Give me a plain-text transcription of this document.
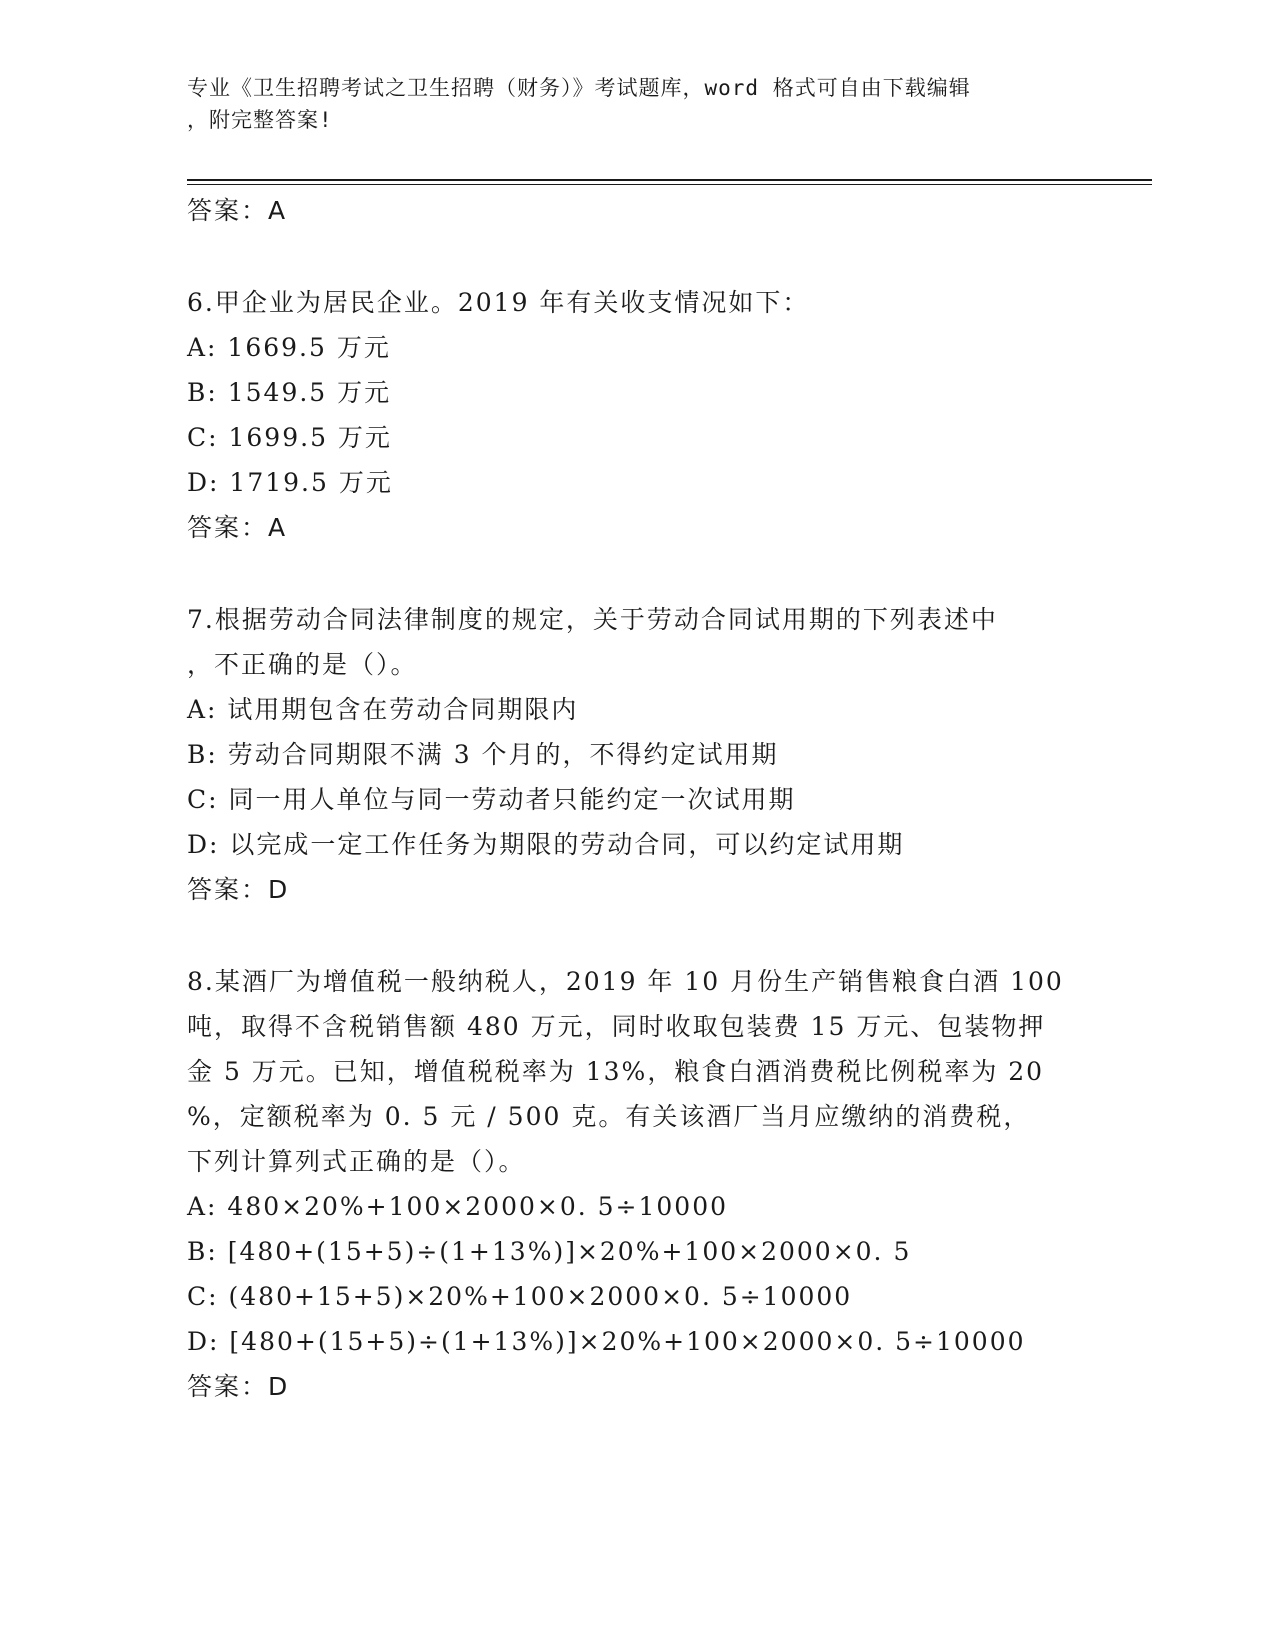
专业《卫生招聘考试之卫生招聘（财务）》考试题库，word 格式可自由下载编辑
，附完整答案!
答案：A
6.甲企业为居民企业。2019 年有关收支情况如下：
A: 1669.5 万元
B: 1549.5 万元
C: 1699.5 万元
D: 1719.5 万元
答案：A
7.根据劳动合同法律制度的规定，关于劳动合同试用期的下列表述中
，不正确的是（）。
A: 试用期包含在劳动合同期限内
B: 劳动合同期限不满 3 个月的，不得约定试用期
C: 同一用人单位与同一劳动者只能约定一次试用期
D: 以完成一定工作任务为期限的劳动合同，可以约定试用期
答案：D
8.某酒厂为增值税一般纳税人，2019 年 10 月份生产销售粮食白酒 100
吨，取得不含税销售额 480 万元，同时收取包装费 15 万元、包装物押
金 5 万元。已知，增值税税率为 13%，粮食白酒消费税比例税率为 20
%，定额税率为 0. 5 元 / 500 克。有关该酒厂当月应缴纳的消费税，
下列计算列式正确的是（）。
A: 480×20%+100×2000×0. 5÷10000
B: [480+(15+5)÷(1+13%)]×20%+100×2000×0. 5
C: (480+15+5)×20%+100×2000×0. 5÷10000
D: [480+(15+5)÷(1+13%)]×20%+100×2000×0. 5÷10000
答案：D
